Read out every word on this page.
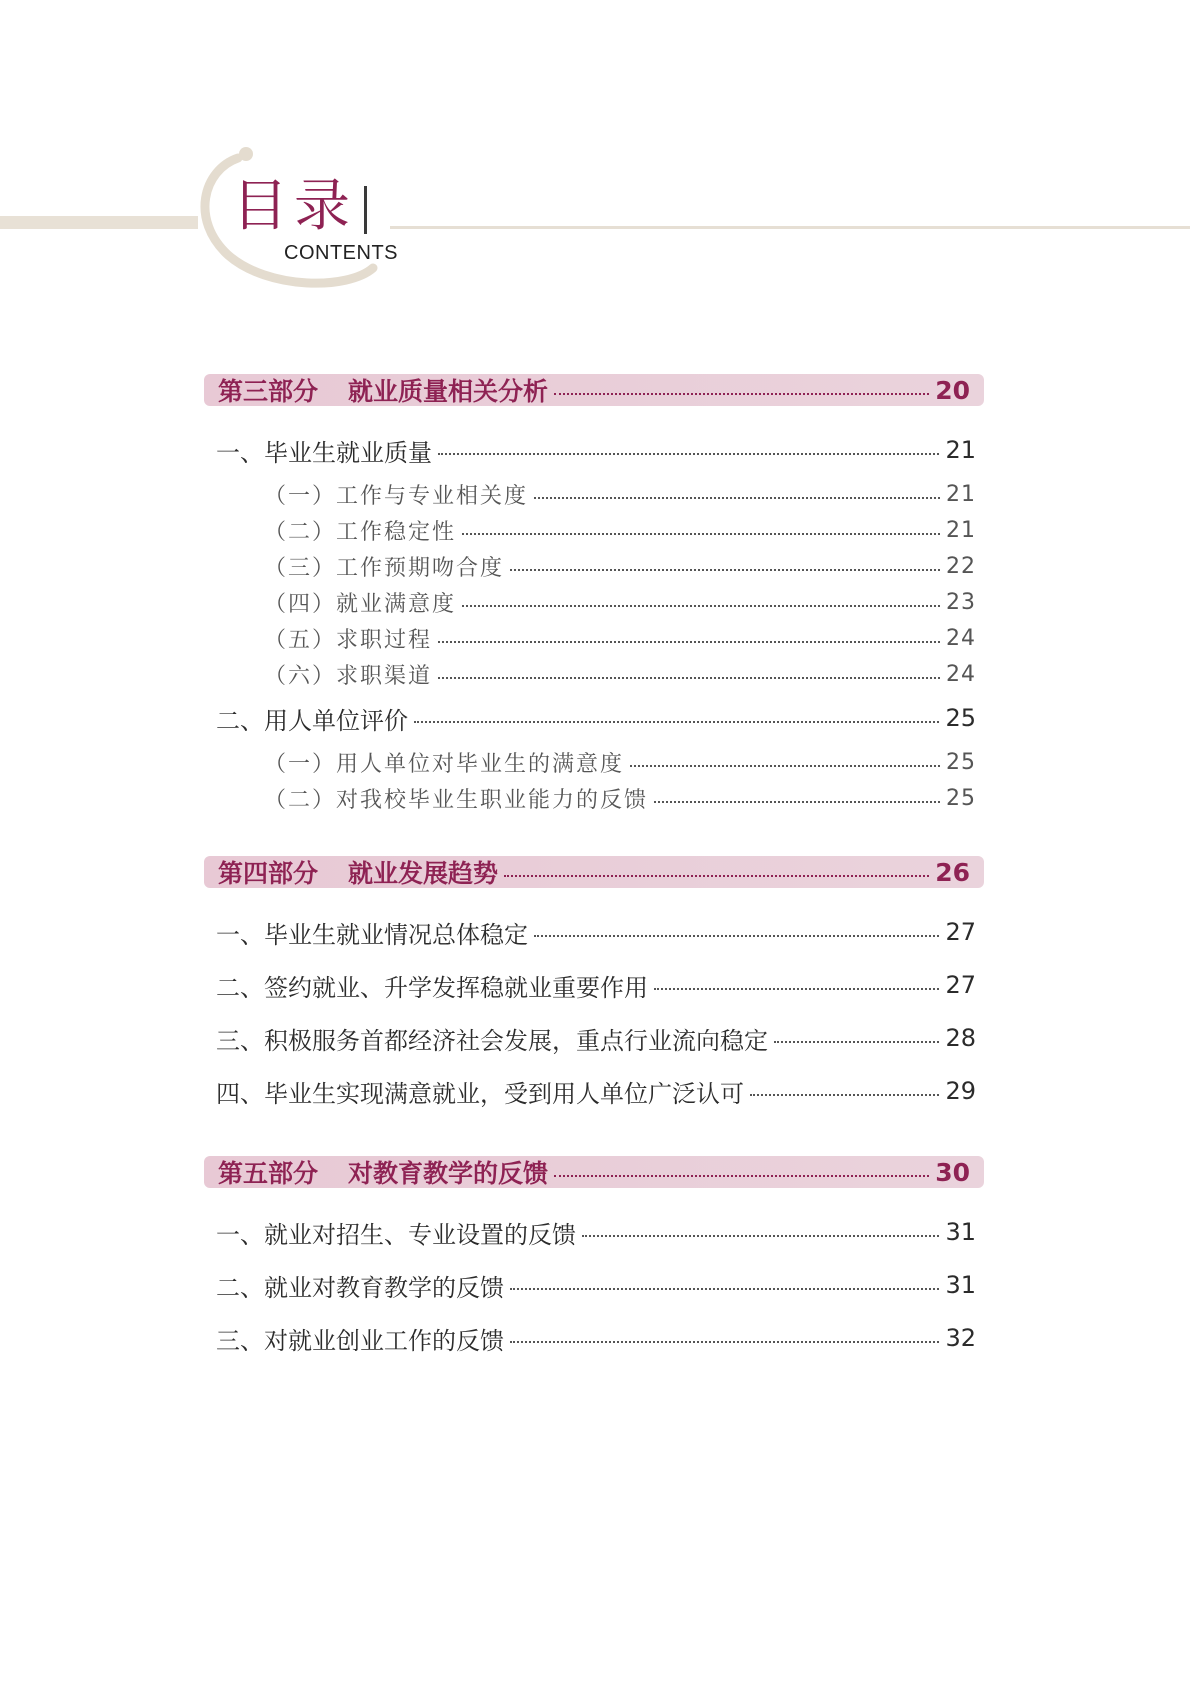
目录
CONTENTS
第三部分 就业质量相关分析	20
一、毕业生就业质量	21
（一）工作与专业相关度	21
（二）工作稳定性	21
（三）工作预期吻合度	22
（四）就业满意度	23
（五）求职过程	24
（六）求职渠道	24
二、用人单位评价	25
（一）用人单位对毕业生的满意度	25
（二）对我校毕业生职业能力的反馈	25
第四部分 就业发展趋势	26
一、毕业生就业情况总体稳定	27
二、签约就业、升学发挥稳就业重要作用	27
三、积极服务首都经济社会发展，重点行业流向稳定	28
四、毕业生实现满意就业，受到用人单位广泛认可	29
第五部分 对教育教学的反馈	30
一、就业对招生、专业设置的反馈	31
二、就业对教育教学的反馈	31
三、对就业创业工作的反馈	32
